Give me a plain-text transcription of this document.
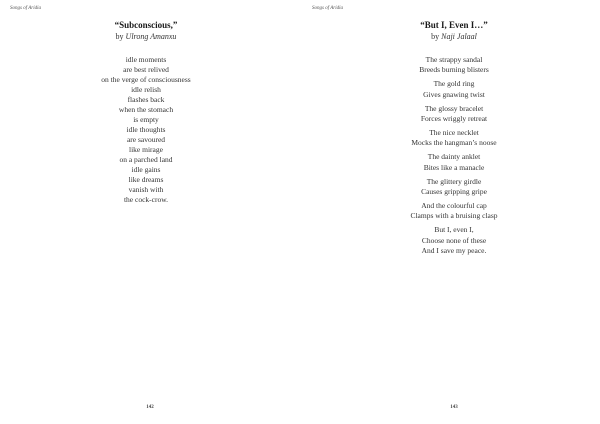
Songs of Aridia
“Subconscious,”
by Ulrong Amanxu
idle moments
are best relived
on the verge of consciousness
idle relish
flashes back
when the stomach
is empty
idle thoughts
are savoured
like mirage
on a parched land
idle gains
like dreams
vanish with
the cock-crow.
142
Songs of Aridia
“But I, Even I…”
by Naji Jalaal
The strappy sandal
Breeds burning blisters
The gold ring
Gives gnawing twist
The glossy bracelet
Forces wriggly retreat
The nice necklet
Mocks the hangman’s noose
The dainty anklet
Bites like a manacle
The glittery girdle
Causes gripping gripe
And the colourful cap
Clamps with a bruising clasp
But I, even I,
Choose none of these
And I save my peace.
143
